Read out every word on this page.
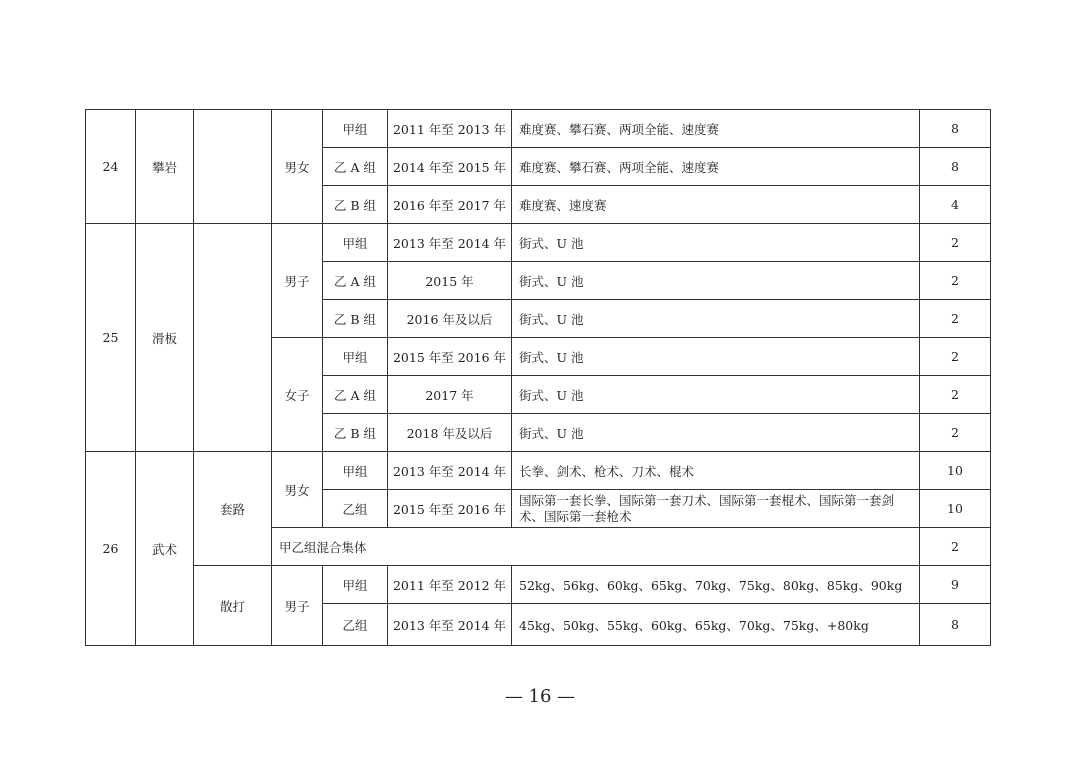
24	攀岩		男女	甲组	2011 年至 2013 年	难度赛、攀石赛、两项全能、速度赛	8
				乙 A 组	2014 年至 2015 年	难度赛、攀石赛、两项全能、速度赛	8
				乙 B 组	2016 年至 2017 年	难度赛、速度赛	4
25	滑板		男子	甲组	2013 年至 2014 年	街式、U 池	2
				乙 A 组	2015 年	街式、U 池	2
				乙 B 组	2016 年及以后	街式、U 池	2
			女子	甲组	2015 年至 2016 年	街式、U 池	2
				乙 A 组	2017 年	街式、U 池	2
				乙 B 组	2018 年及以后	街式、U 池	2
26	武术	套路	男女	甲组	2013 年至 2014 年	长拳、剑术、枪术、刀术、棍术	10
				乙组	2015 年至 2016 年	国际第一套长拳、国际第一套刀术、国际第一套棍术、国际第一套剑术、国际第一套枪术	10
			甲乙组混合集体				2
		散打	男子	甲组	2011 年至 2012 年	52kg、56kg、60kg、65kg、70kg、75kg、80kg、85kg、90kg	9
				乙组	2013 年至 2014 年	45kg、50kg、55kg、60kg、65kg、70kg、75kg、+80kg	8
— 16 —
